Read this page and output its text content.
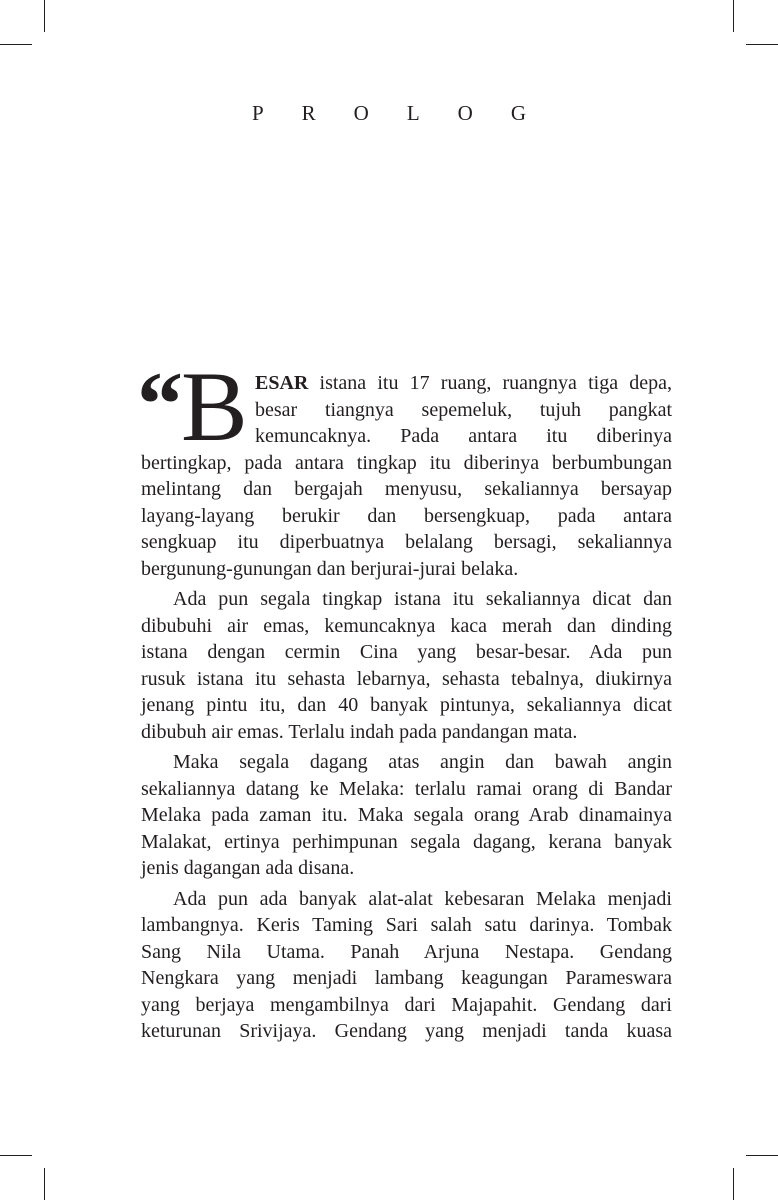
PROLOG
“
B ESAR istana itu 17 ruang, ruangnya tiga depa,
besar tiangnya sepemeluk, tujuh pangkat
kemuncaknya. Pada antara itu diberinya
bertingkap, pada antara tingkap itu diberinya berbumbungan
melintang dan bergajah menyusu, sekaliannya bersayap
layang-layang berukir dan bersengkuap, pada antara
sengkuap itu diperbuatnya belalang bersagi, sekaliannya
bergunung-gunungan dan berjurai-jurai belaka.
Ada pun segala tingkap istana itu sekaliannya dicat dan
dibubuhi air emas, kemuncaknya kaca merah dan dinding
istana dengan cermin Cina yang besar-besar. Ada pun
rusuk istana itu sehasta lebarnya, sehasta tebalnya, diukirnya
jenang pintu itu, dan 40 banyak pintunya, sekaliannya dicat
dibubuh air emas. Terlalu indah pada pandangan mata.
Maka segala dagang atas angin dan bawah angin
sekaliannya datang ke Melaka: terlalu ramai orang di Bandar
Melaka pada zaman itu. Maka segala orang Arab dinamainya
Malakat, ertinya perhimpunan segala dagang, kerana banyak
jenis dagangan ada disana.
Ada pun ada banyak alat-alat kebesaran Melaka menjadi
lambangnya. Keris Taming Sari salah satu darinya. Tombak
Sang Nila Utama. Panah Arjuna Nestapa. Gendang
Nengkara yang menjadi lambang keagungan Parameswara
yang berjaya mengambilnya dari Majapahit. Gendang dari
keturunan Srivijaya. Gendang yang menjadi tanda kuasa
